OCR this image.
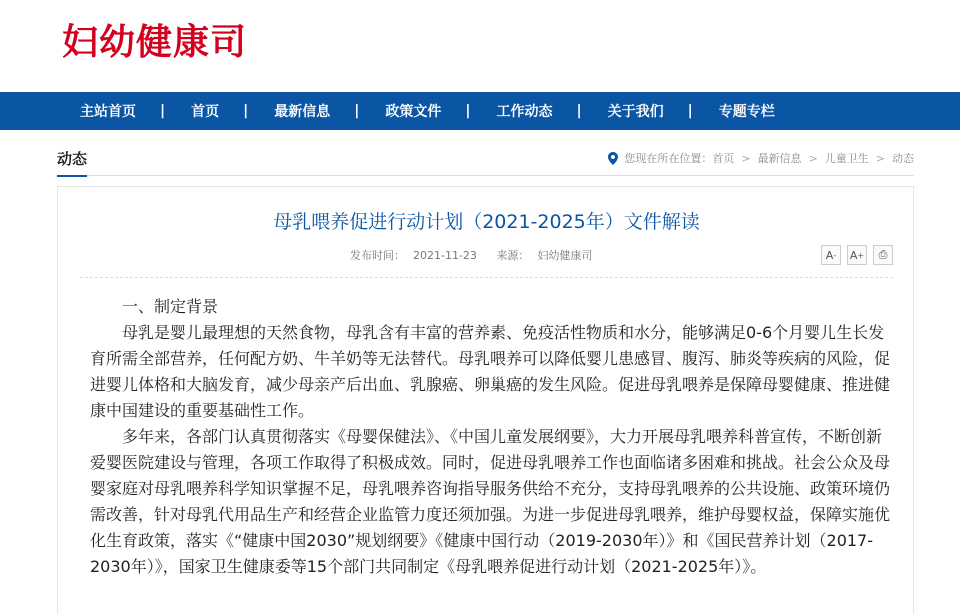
妇幼健康司
主站首页 | 首页 | 最新信息 | 政策文件 | 工作动态 | 关于我们 | 专题专栏
动态	您现在所在位置： 首页 > 最新信息 > 儿童卫生 > 动态
母乳喂养促进行动计划（2021-2025年）文件解读
发布时间： 2021-11-23 来源： 妇幼健康司	A - A + ⎙
一、制定背景

母乳是婴儿最理想的天然食物，母乳含有丰富的营养素、免疫活性物质和水分，能够满足0-6个月婴儿生长发育所需全部营养，任何配方奶、牛羊奶等无法替代。母乳喂养可以降低婴儿患感冒、腹泻、肺炎等疾病的风险，促进婴儿体格和大脑发育，减少母亲产后出血、乳腺癌、卵巢癌的发生风险。促进母乳喂养是保障母婴健康、推进健康中国建设的重要基础性工作。

多年来，各部门认真贯彻落实《母婴保健法》、《中国儿童发展纲要》，大力开展母乳喂养科普宣传，不断创新爱婴医院建设与管理，各项工作取得了积极成效。同时，促进母乳喂养工作也面临诸多困难和挑战。社会公众及母婴家庭对母乳喂养科学知识掌握不足，母乳喂养咨询指导服务供给不充分，支持母乳喂养的公共设施、政策环境仍需改善，针对母乳代用品生产和经营企业监管力度还须加强。为进一步促进母乳喂养，维护母婴权益，保障实施优化生育政策，落实《“健康中国2030”规划纲要》《健康中国行动（2019-2030年）》和《国民营养计划（2017-2030年）》，国家卫生健康委等15个部门共同制定《母乳喂养促进行动计划（2021-2025年）》。
